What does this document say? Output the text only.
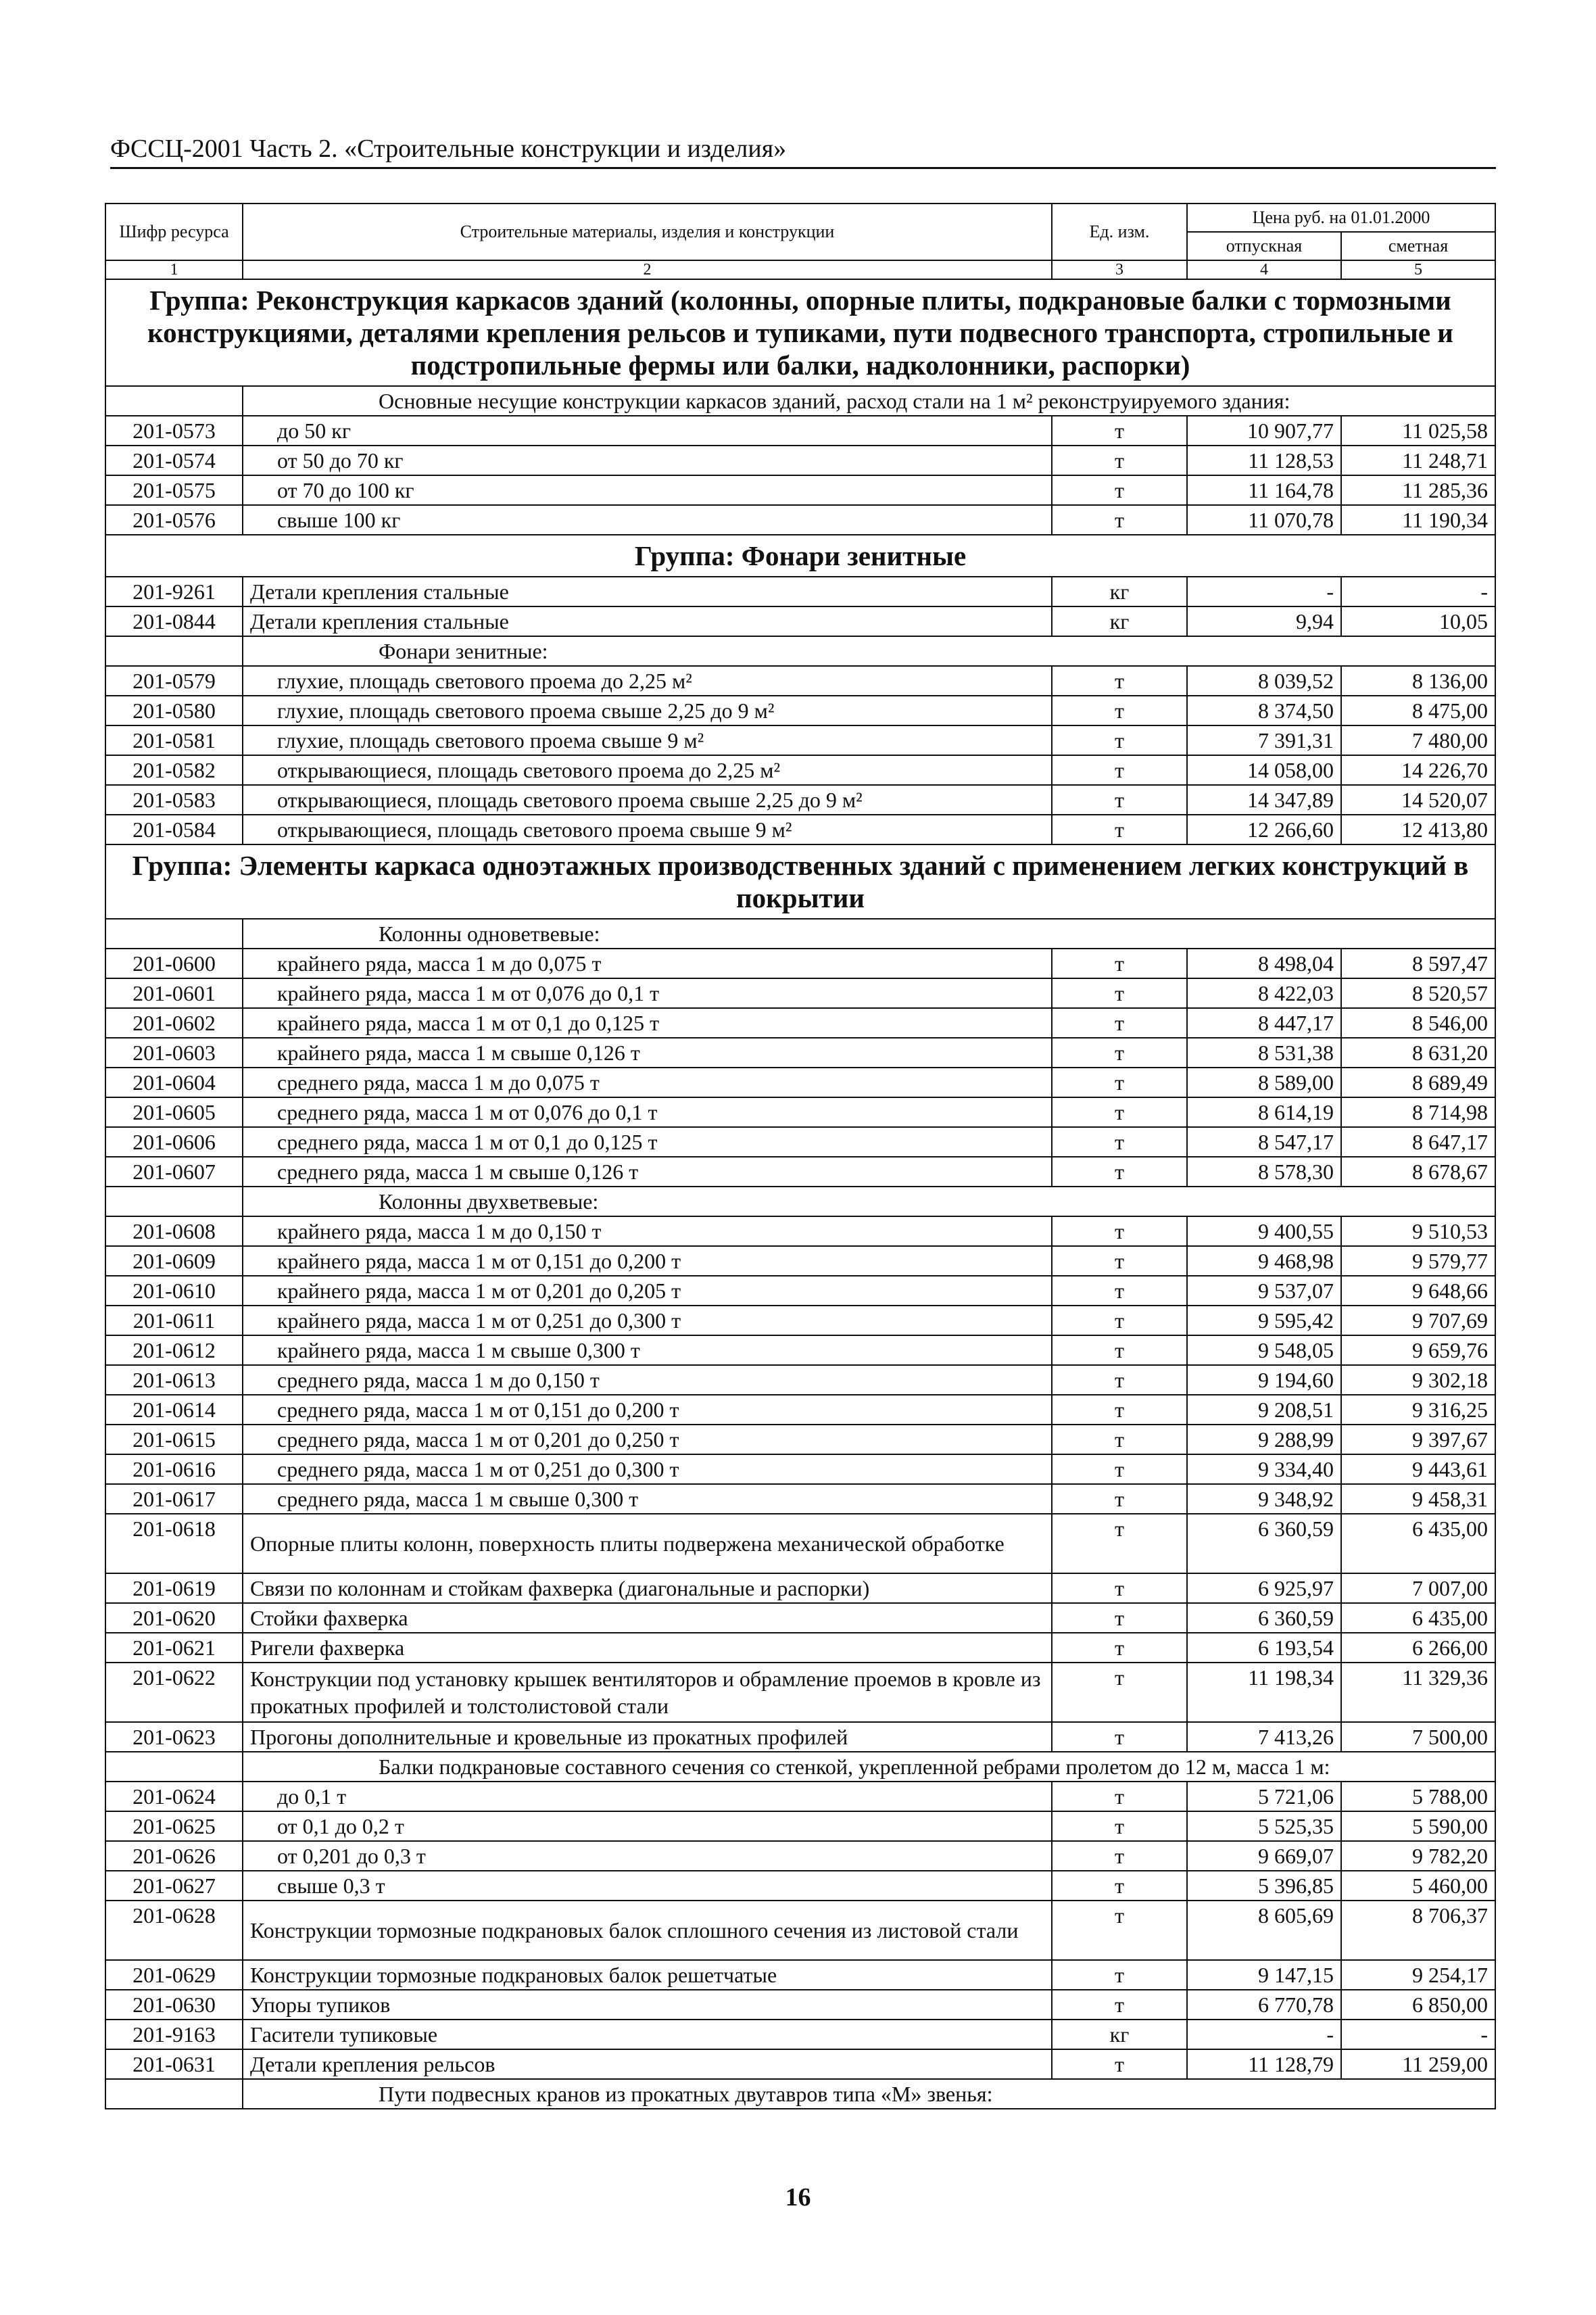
ФССЦ-2001 Часть 2. «Строительные конструкции и изделия»
Шифр ресурса	Строительные материалы, изделия и конструкции	Ед. изм.	Цена руб. на 01.01.2000	
			отпускная	сметная
1	2	3	4	5
Группа: Реконструкция каркасов зданий (колонны, опорные плиты, подкрановые балки с тормозными конструкциями, деталями крепления рельсов и тупиками, пути подвесного транспорта, стропильные и подстропильные фермы или балки, надколонники, распорки)				
	Основные несущие конструкции каркасов зданий, расход стали на 1 м² реконструируемого здания:			
201-0573	до 50 кг	т	10 907,77	11 025,58
201-0574	от 50 до 70 кг	т	11 128,53	11 248,71
201-0575	от 70 до 100 кг	т	11 164,78	11 285,36
201-0576	свыше 100 кг	т	11 070,78	11 190,34
Группа: Фонари зенитные				
201-9261	Детали крепления стальные	кг	-	-
201-0844	Детали крепления стальные	кг	9,94	10,05
	Фонари зенитные:			
201-0579	глухие, площадь светового проема до 2,25 м²	т	8 039,52	8 136,00
201-0580	глухие, площадь светового проема свыше 2,25 до 9 м²	т	8 374,50	8 475,00
201-0581	глухие, площадь светового проема свыше 9 м²	т	7 391,31	7 480,00
201-0582	открывающиеся, площадь светового проема до 2,25 м²	т	14 058,00	14 226,70
201-0583	открывающиеся, площадь светового проема свыше 2,25 до 9 м²	т	14 347,89	14 520,07
201-0584	открывающиеся, площадь светового проема свыше 9 м²	т	12 266,60	12 413,80
Группа: Элементы каркаса одноэтажных производственных зданий с применением легких конструкций в покрытии				
	Колонны одноветвевые:			
201-0600	крайнего ряда, масса 1 м до 0,075 т	т	8 498,04	8 597,47
201-0601	крайнего ряда, масса 1 м от 0,076 до 0,1 т	т	8 422,03	8 520,57
201-0602	крайнего ряда, масса 1 м от 0,1 до 0,125 т	т	8 447,17	8 546,00
201-0603	крайнего ряда, масса 1 м свыше 0,126 т	т	8 531,38	8 631,20
201-0604	среднего ряда, масса 1 м до 0,075 т	т	8 589,00	8 689,49
201-0605	среднего ряда, масса 1 м от 0,076 до 0,1 т	т	8 614,19	8 714,98
201-0606	среднего ряда, масса 1 м от 0,1 до 0,125 т	т	8 547,17	8 647,17
201-0607	среднего ряда, масса 1 м свыше 0,126 т	т	8 578,30	8 678,67
	Колонны двухветвевые:			
201-0608	крайнего ряда, масса 1 м до 0,150 т	т	9 400,55	9 510,53
201-0609	крайнего ряда, масса 1 м от 0,151 до 0,200 т	т	9 468,98	9 579,77
201-0610	крайнего ряда, масса 1 м от 0,201 до 0,205 т	т	9 537,07	9 648,66
201-0611	крайнего ряда, масса 1 м от 0,251 до 0,300 т	т	9 595,42	9 707,69
201-0612	крайнего ряда, масса 1 м свыше 0,300 т	т	9 548,05	9 659,76
201-0613	среднего ряда, масса 1 м до 0,150 т	т	9 194,60	9 302,18
201-0614	среднего ряда, масса 1 м от 0,151 до 0,200 т	т	9 208,51	9 316,25
201-0615	среднего ряда, масса 1 м от 0,201 до 0,250 т	т	9 288,99	9 397,67
201-0616	среднего ряда, масса 1 м от 0,251 до 0,300 т	т	9 334,40	9 443,61
201-0617	среднего ряда, масса 1 м свыше 0,300 т	т	9 348,92	9 458,31
201-0618	Опорные плиты колонн, поверхность плиты подвержена механической обработке	т	6 360,59	6 435,00
201-0619	Связи по колоннам и стойкам фахверка (диагональные и распорки)	т	6 925,97	7 007,00
201-0620	Стойки фахверка	т	6 360,59	6 435,00
201-0621	Ригели фахверка	т	6 193,54	6 266,00
201-0622	Конструкции под установку крышек вентиляторов и обрамление проемов в кровле из прокатных профилей и толстолистовой стали	т	11 198,34	11 329,36
201-0623	Прогоны дополнительные и кровельные из прокатных профилей	т	7 413,26	7 500,00
	Балки подкрановые составного сечения со стенкой, укрепленной ребрами пролетом до 12 м, масса 1 м:			
201-0624	до 0,1 т	т	5 721,06	5 788,00
201-0625	от 0,1 до 0,2 т	т	5 525,35	5 590,00
201-0626	от 0,201 до 0,3 т	т	9 669,07	9 782,20
201-0627	свыше 0,3 т	т	5 396,85	5 460,00
201-0628	Конструкции тормозные подкрановых балок сплошного сечения из листовой стали	т	8 605,69	8 706,37
201-0629	Конструкции тормозные подкрановых балок решетчатые	т	9 147,15	9 254,17
201-0630	Упоры тупиков	т	6 770,78	6 850,00
201-9163	Гасители тупиковые	кг	-	-
201-0631	Детали крепления рельсов	т	11 128,79	11 259,00
	Пути подвесных кранов из прокатных двутавров типа «М» звенья:			
16
